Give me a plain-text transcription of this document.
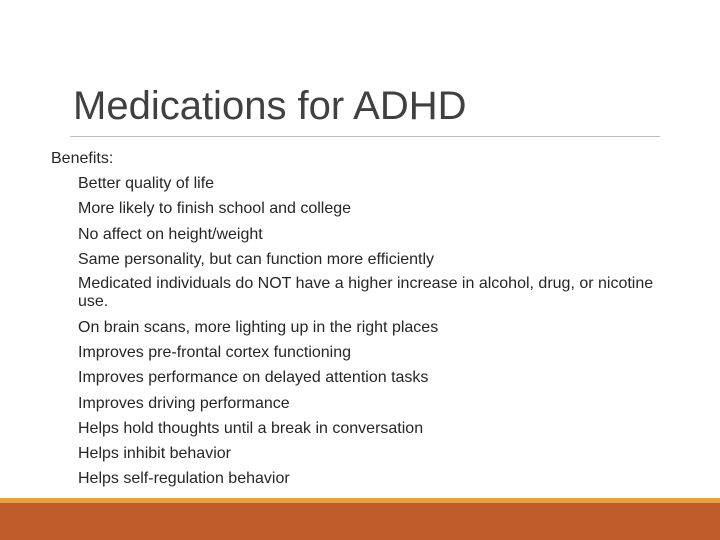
Medications for ADHD
Benefits:
Better quality of life
More likely to finish school and college
No affect on height/weight
Same personality, but can function more efficiently
Medicated individuals do NOT have a higher increase in alcohol, drug, or nicotine use.
On brain scans, more lighting up in the right places
Improves pre-frontal cortex functioning
Improves performance on delayed attention tasks
Improves driving performance
Helps hold thoughts until a break in conversation
Helps inhibit behavior
Helps self-regulation behavior
